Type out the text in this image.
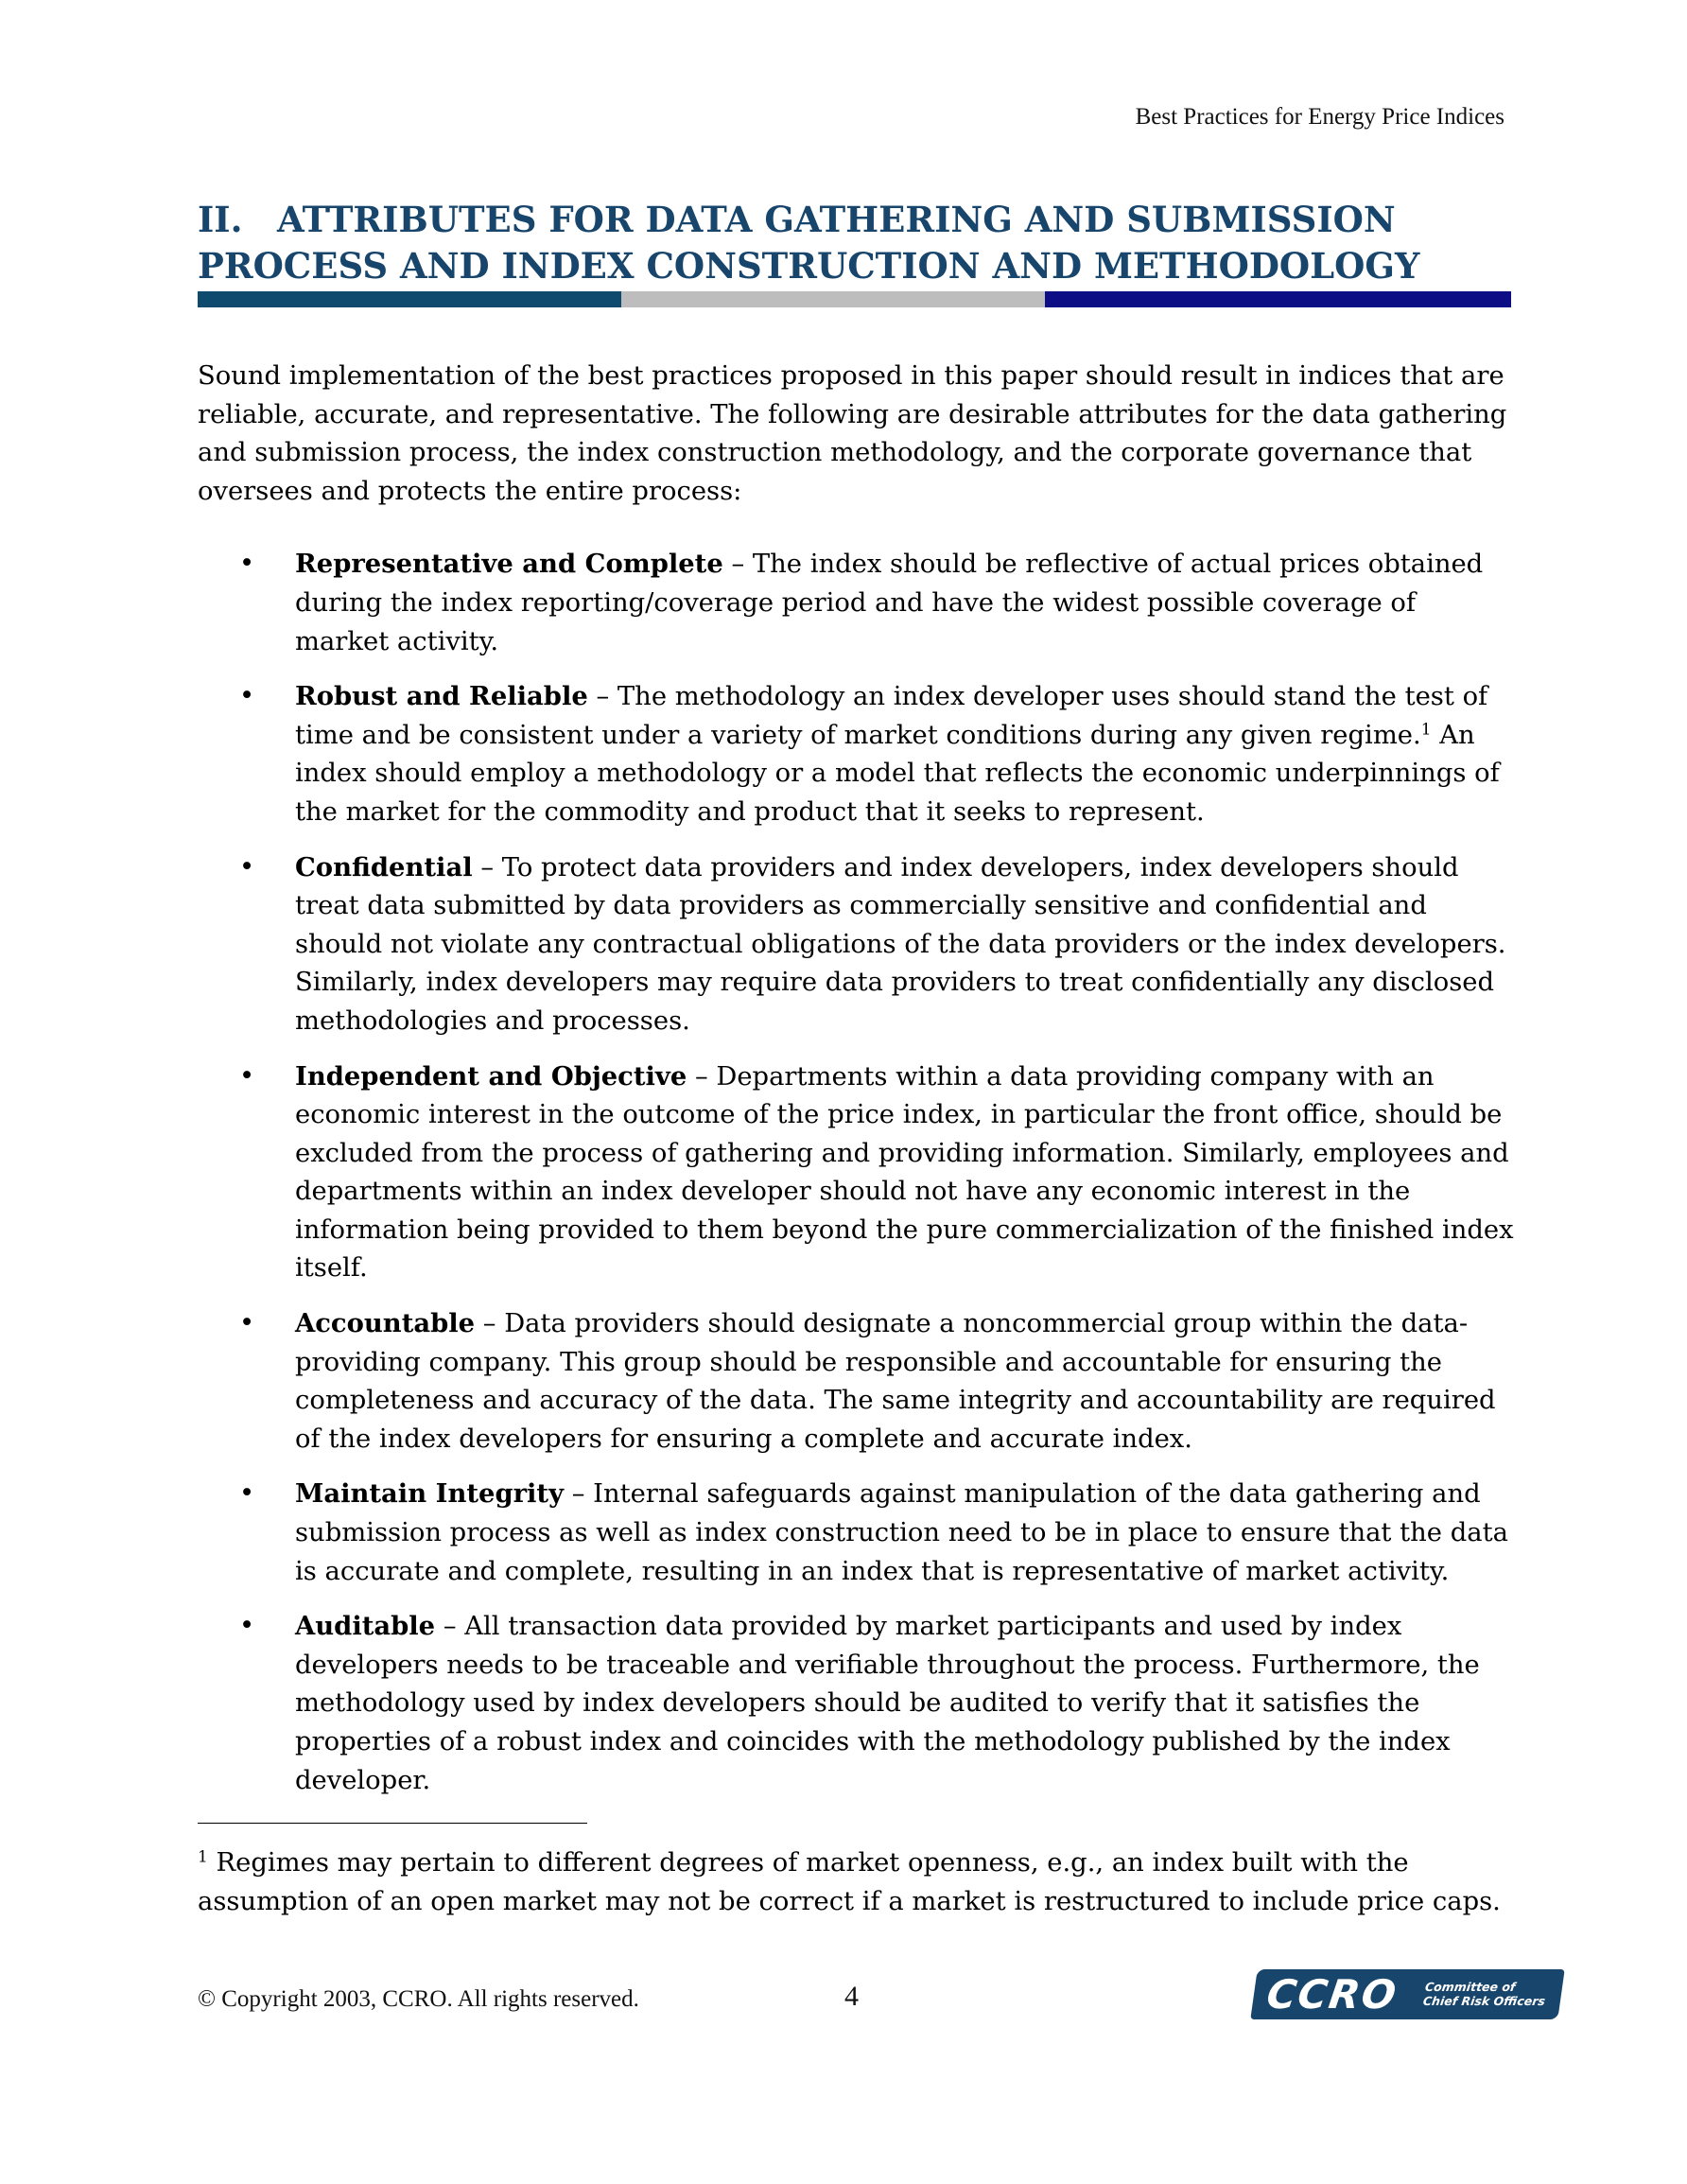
Best Practices for Energy Price Indices
II. ATTRIBUTES FOR DATA GATHERING AND SUBMISSION
PROCESS AND INDEX CONSTRUCTION AND METHODOLOGY

Sound implementation of the best practices proposed in this paper should result in indices that are reliable, accurate, and representative. The following are desirable attributes for the data gathering and submission process, the index construction methodology, and the corporate governance that oversees and protects the entire process:

• Representative and Complete – The index should be reflective of actual prices obtained during the index reporting/coverage period and have the widest possible coverage of market activity.
• Robust and Reliable – The methodology an index developer uses should stand the test of time and be consistent under a variety of market conditions during any given regime.$^1$ An index should employ a methodology or a model that reflects the economic underpinnings of the market for the commodity and product that it seeks to represent.
• Confidential – To protect data providers and index developers, index developers should treat data submitted by data providers as commercially sensitive and confidential and should not violate any contractual obligations of the data providers or the index developers. Similarly, index developers may require data providers to treat confidentially any disclosed methodologies and processes.
• Independent and Objective – Departments within a data providing company with an economic interest in the outcome of the price index, in particular the front office, should be excluded from the process of gathering and providing information. Similarly, employees and departments within an index developer should not have any economic interest in the information being provided to them beyond the pure commercialization of the finished index itself.
• Accountable – Data providers should designate a noncommercial group within the data-providing company. This group should be responsible and accountable for ensuring the completeness and accuracy of the data. The same integrity and accountability are required of the index developers for ensuring a complete and accurate index.
• Maintain Integrity – Internal safeguards against manipulation of the data gathering and submission process as well as index construction need to be in place to ensure that the data is accurate and complete, resulting in an index that is representative of market activity.
• Auditable – All transaction data provided by market participants and used by index developers needs to be traceable and verifiable throughout the process. Furthermore, the methodology used by index developers should be audited to verify that it satisfies the properties of a robust index and coincides with the methodology published by the index developer.

$^1$ Regimes may pertain to different degrees of market openness, e.g., an index built with the assumption of an open market may not be correct if a market is restructured to include price caps.

© Copyright 2003, CCRO. All rights reserved.	4	CCRO Committee of
Chief Risk Officers
